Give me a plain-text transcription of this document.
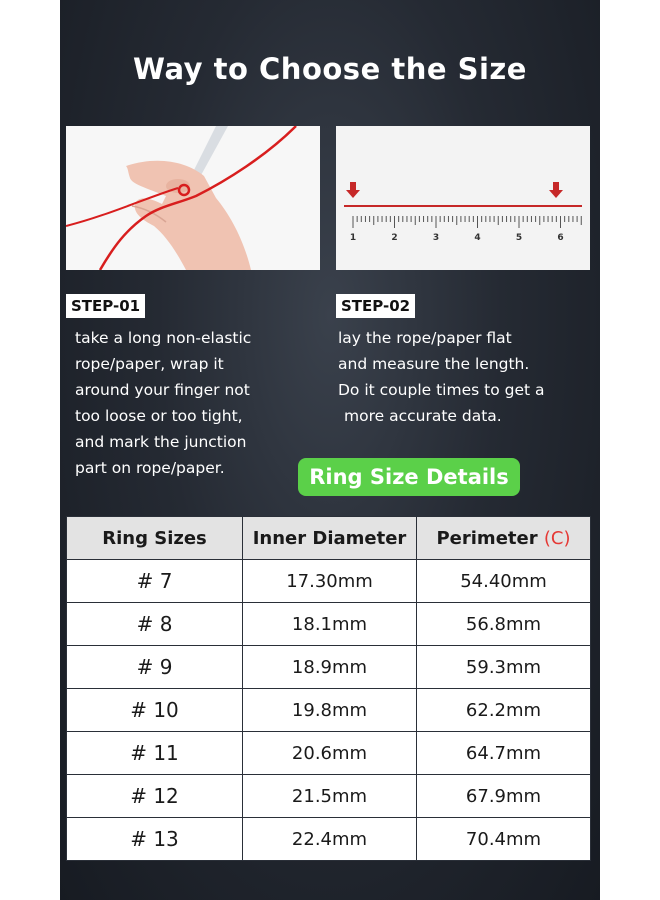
Way to Choose the Size
1	2	3	4	5	6
STEP-01
take a long non-elastic
rope/paper, wrap it
around your finger not
too loose or too tight,
and mark the junction
part on rope/paper.
STEP-02
lay the rope/paper flat
and measure the length.
Do it couple times to get a
more accurate data.
Ring Size Details
Ring Sizes	Inner Diameter	Perimeter (C)
# 7	17.30mm	54.40mm
# 8	18.1mm	56.8mm
# 9	18.9mm	59.3mm
# 10	19.8mm	62.2mm
# 11	20.6mm	64.7mm
# 12	21.5mm	67.9mm
# 13	22.4mm	70.4mm
